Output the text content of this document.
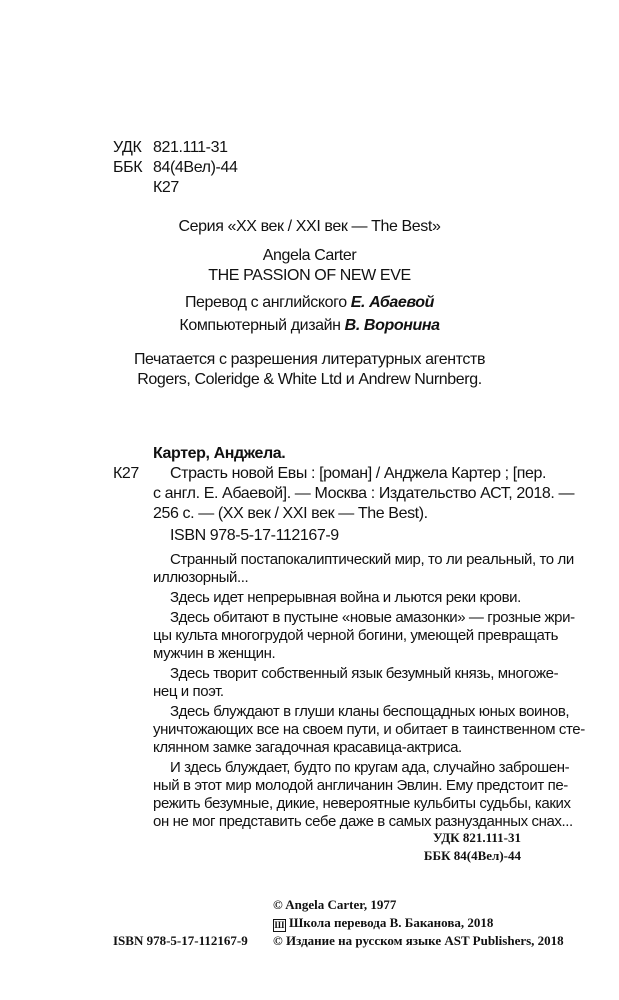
УДК 821.111-31
ББК 84(4Вел)-44
К27
Серия «XX век / XXI век — The Best»
Angela Carter
THE PASSION OF NEW EVE
Перевод с английского Е. Абаевой
Компьютерный дизайн В. Воронина
Печатается с разрешения литературных агентств
Rogers, Coleridge & White Ltd и Andrew Nurnberg.
Картер, Анджела.
К27 Страсть новой Евы : [роман] / Анджела Картер ; [пер.
с англ. Е. Абаевой]. — Москва : Издательство АСТ, 2018. —
256 с. — (XX век / XXI век — The Best).
ISBN 978-5-17-112167-9
Странный постапокалиптический мир, то ли реальный, то ли
иллюзорный...
Здесь идет непрерывная война и льются реки крови.
Здесь обитают в пустыне «новые амазонки» — грозные жри-
цы культа многогрудой черной богини, умеющей превращать
мужчин в женщин.
Здесь творит собственный язык безумный князь, многоже-
нец и поэт.
Здесь блуждают в глуши кланы беспощадных юных воинов,
уничтожающих все на своем пути, и обитает в таинственном сте-
клянном замке загадочная красавица-актриса.
И здесь блуждает, будто по кругам ада, случайно заброшен-
ный в этот мир молодой англичанин Эвлин. Ему предстоит пе-
режить безумные, дикие, невероятные кульбиты судьбы, каких
он не мог представить себе даже в самых разнузданных снах...
УДК 821.111-31
ББК 84(4Вел)-44
© Angela Carter, 1977
Ш Школа перевода В. Баканова, 2018
ISBN 978-5-17-112167-9 © Издание на русском языке AST Publishers, 2018
